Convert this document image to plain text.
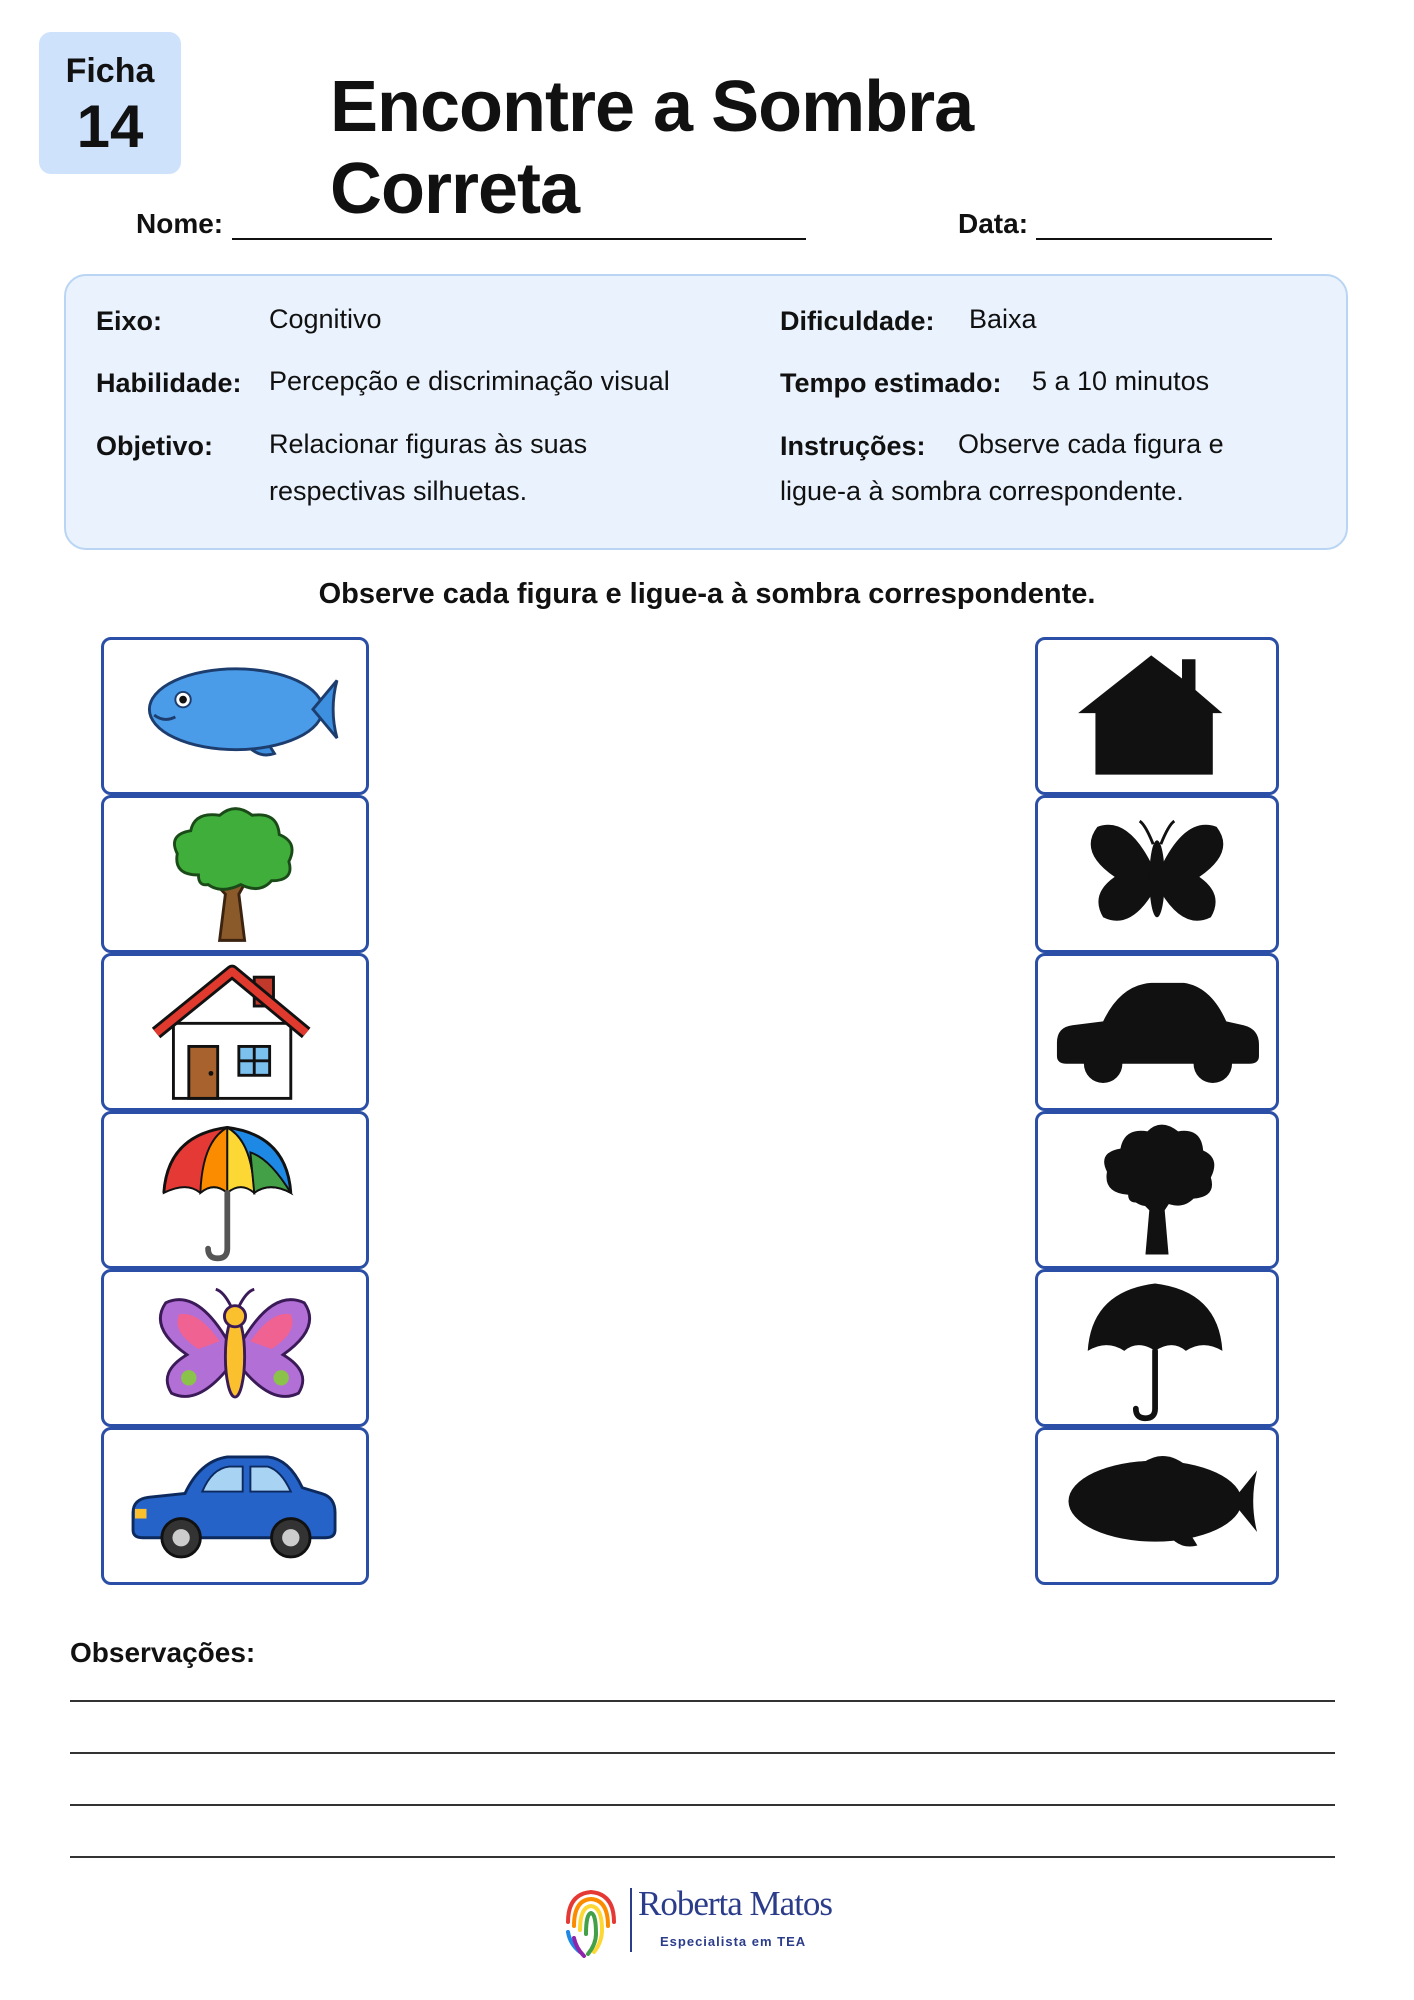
Ficha
14	Encontre a Sombra Correta
Nome:	Data:
Eixo:	Cognitivo
Habilidade: Percepção e discriminação visual
Objetivo: Relacionar figuras às suas
respectivas silhuetas.
Dificuldade: Baixa
Tempo estimado: 5 a 10 minutos
Instruções: Observe cada figura e
ligue-a à sombra correspondente.
Observe cada figura e ligue-a à sombra correspondente.
Observações:
Roberta Matos
Especialista em TEA
